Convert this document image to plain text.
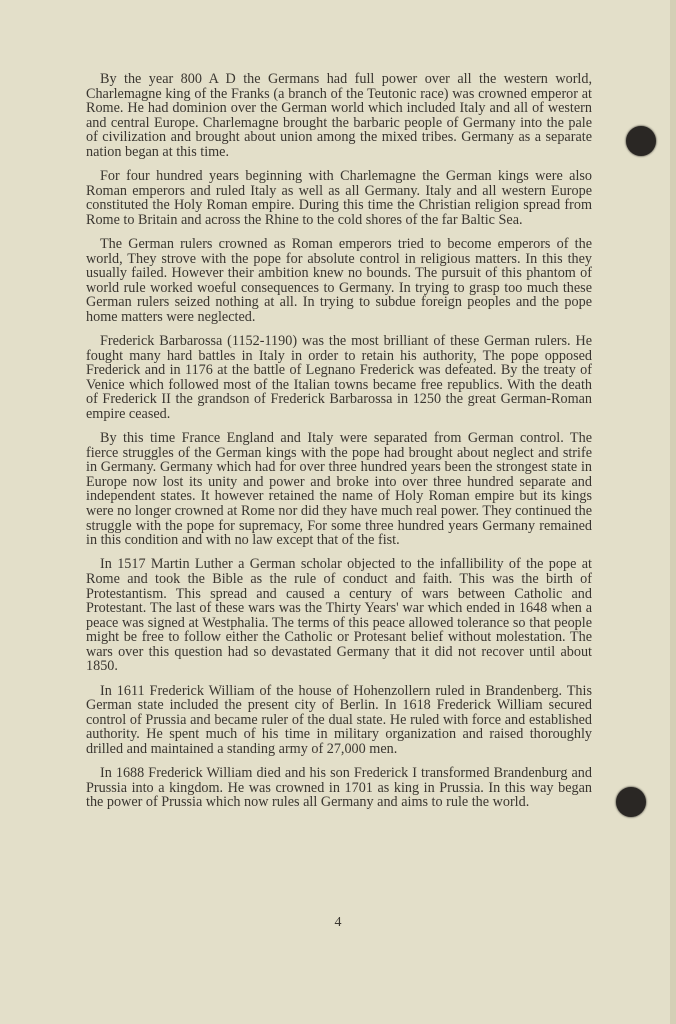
By the year 800 A D the Germans had full power over all the western world, Charlemagne king of the Franks (a branch of the Teutonic race) was crowned emperor at Rome. He had dominion over the German world which included Italy and all of western and central Europe. Charlemagne brought the barbaric people of Germany into the pale of civilization and brought about union among the mixed tribes. Germany as a separate nation began at this time.

For four hundred years beginning with Charlemagne the German kings were also Roman emperors and ruled Italy as well as all Germany. Italy and all western Europe constituted the Holy Roman empire. During this time the Christian religion spread from Rome to Britain and across the Rhine to the cold shores of the far Baltic Sea.

The German rulers crowned as Roman emperors tried to become emperors of the world, They strove with the pope for absolute control in religious matters. In this they usually failed. However their ambition knew no bounds. The pursuit of this phantom of world rule worked woeful consequences to Germany. In trying to grasp too much these German rulers seized nothing at all. In trying to subdue foreign peoples and the pope home matters were neglected.

Frederick Barbarossa (1152-1190) was the most brilliant of these German rulers. He fought many hard battles in Italy in order to retain his authority, The pope opposed Frederick and in 1176 at the battle of Legnano Frederick was defeated. By the treaty of Venice which followed most of the Italian towns became free republics. With the death of Frederick II the grandson of Frederick Barbarossa in 1250 the great German-Roman empire ceased.

By this time France England and Italy were separated from German control. The fierce struggles of the German kings with the pope had brought about neglect and strife in Germany. Germany which had for over three hundred years been the strongest state in Europe now lost its unity and power and broke into over three hundred separate and independent states. It however retained the name of Holy Roman empire but its kings were no longer crowned at Rome nor did they have much real power. They continued the struggle with the pope for supremacy, For some three hundred years Germany remained in this condition and with no law except that of the fist.

In 1517 Martin Luther a German scholar objected to the infallibility of the pope at Rome and took the Bible as the rule of conduct and faith. This was the birth of Protestantism. This spread and caused a century of wars between Catholic and Protestant. The last of these wars was the Thirty Years' war which ended in 1648 when a peace was signed at Westphalia. The terms of this peace allowed tolerance so that people might be free to follow either the Catholic or Protesant belief without molestation. The wars over this question had so devastated Germany that it did not recover until about 1850.

In 1611 Frederick William of the house of Hohenzollern ruled in Brandenberg. This German state included the present city of Berlin. In 1618 Frederick William secured control of Prussia and became ruler of the dual state. He ruled with force and established authority. He spent much of his time in military organization and raised thoroughly drilled and maintained a standing army of 27,000 men.

In 1688 Frederick William died and his son Frederick I transformed Brandenburg and Prussia into a kingdom. He was crowned in 1701 as king in Prussia. In this way began the power of Prussia which now rules all Germany and aims to rule the world.

4
